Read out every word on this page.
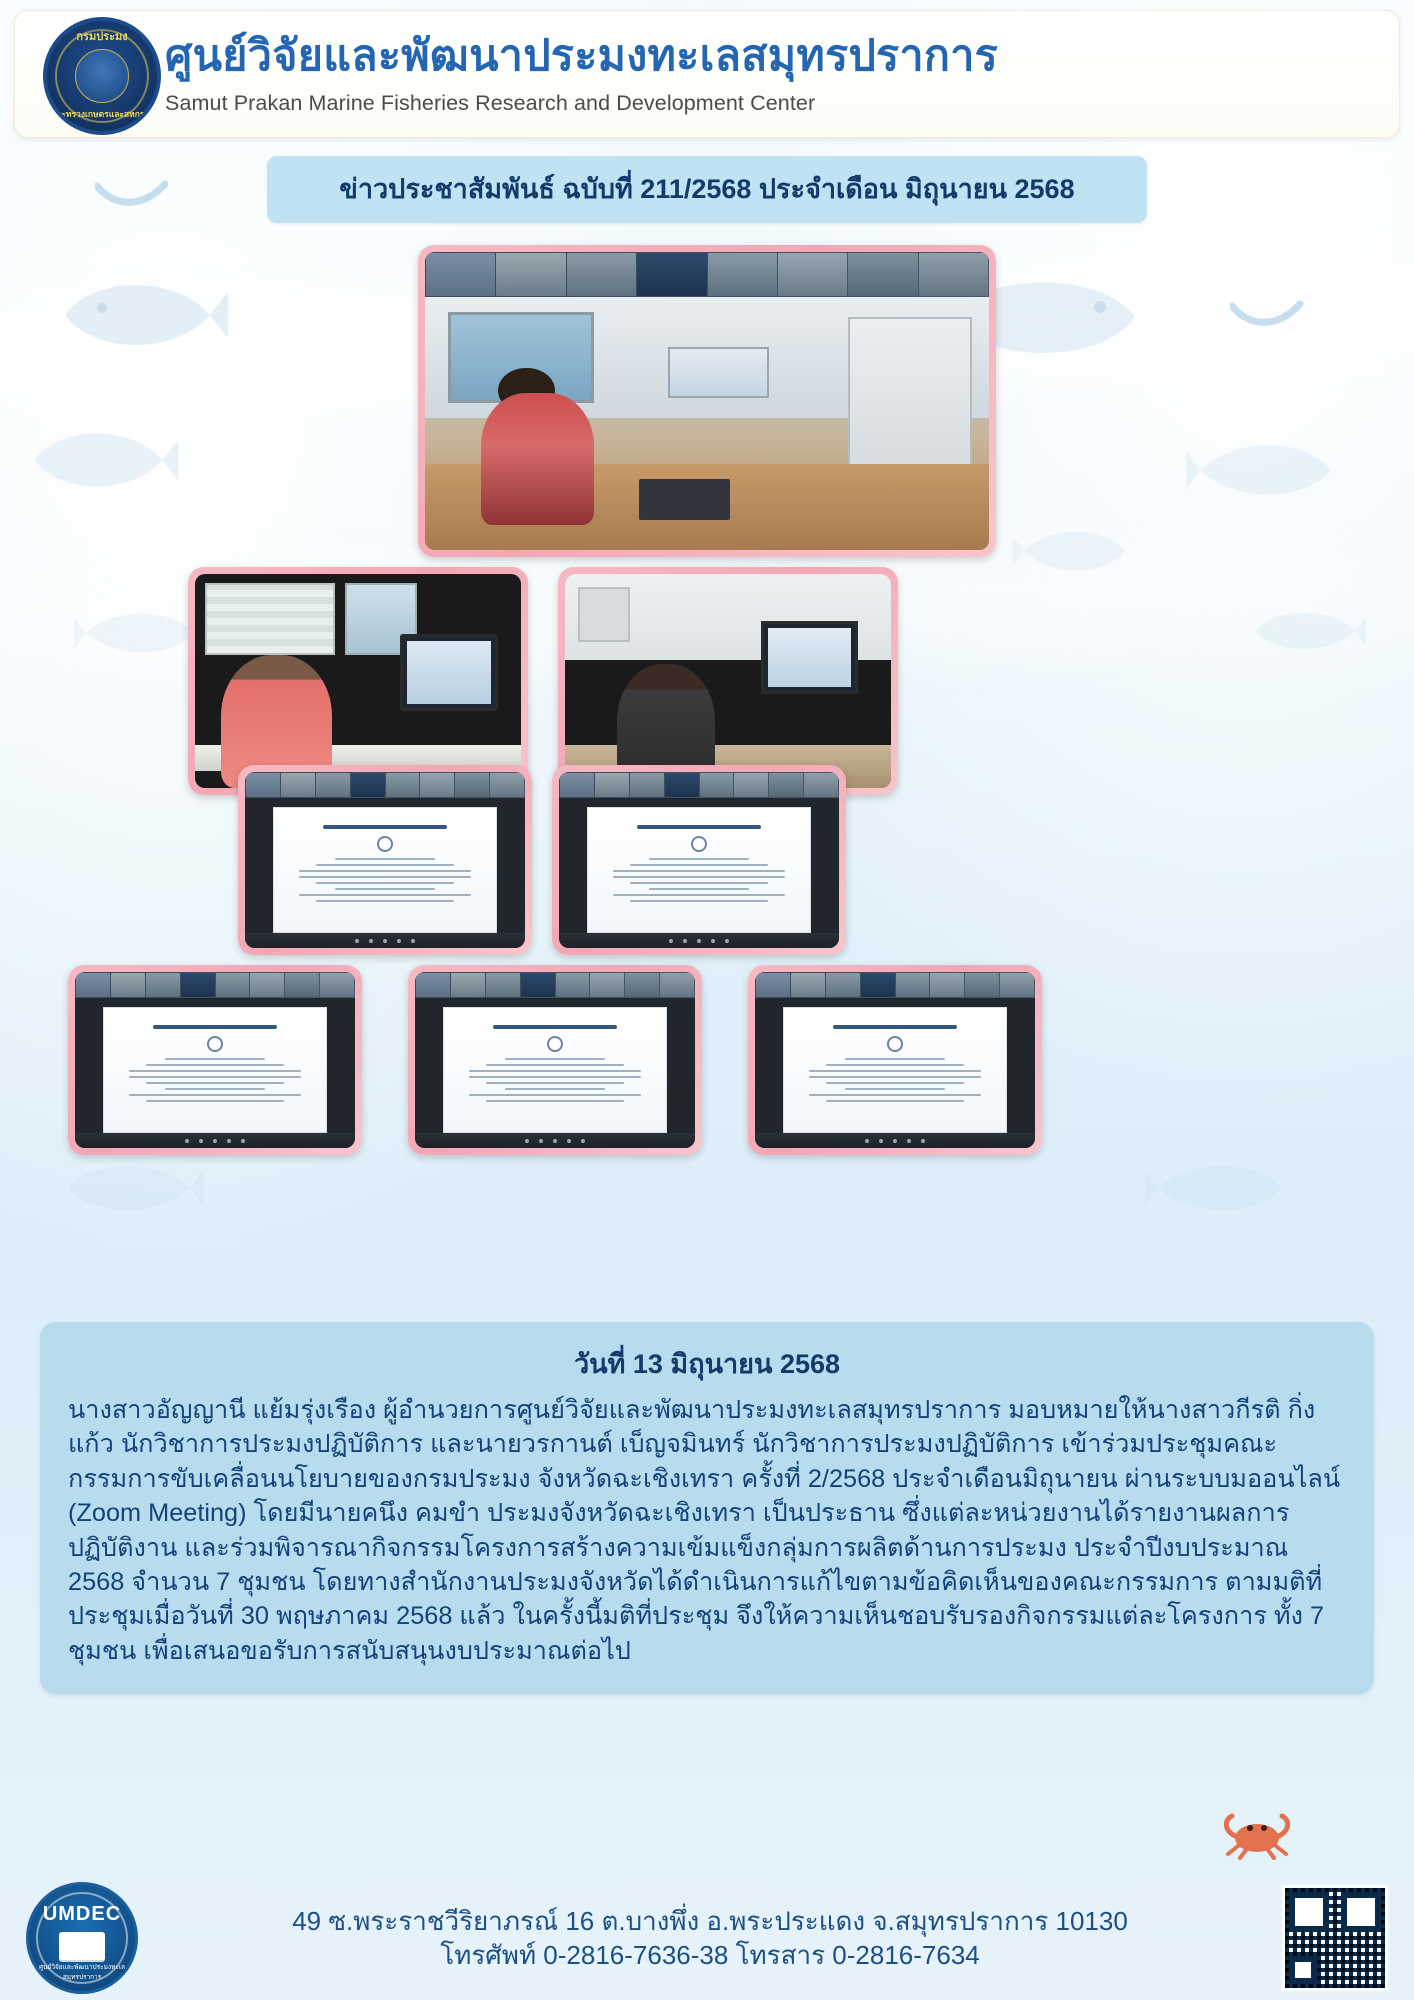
กรมประมง
กระทรวงเกษตรและสหกรณ์
ศูนย์วิจัยและพัฒนาประมงทะเลสมุทรปราการ
Samut Prakan Marine Fisheries Research and Development Center
ข่าวประชาสัมพันธ์ ฉบับที่ 211/2568 ประจำเดือน มิถุนายน 2568
วันที่ 13 มิถุนายน 2568
นางสาวอัญญานี แย้มรุ่งเรือง ผู้อำนวยการศูนย์วิจัยและพัฒนาประมงทะเลสมุทรปราการ มอบหมายให้นางสาวกีรติ กิ่งแก้ว นักวิชาการประมงปฏิบัติการ และนายวรกานต์ เบ็ญจมินทร์ นักวิชาการประมงปฏิบัติการ เข้าร่วมประชุมคณะกรรมการขับเคลื่อนนโยบายของกรมประมง จังหวัดฉะเชิงเทรา ครั้งที่ 2/2568 ประจำเดือนมิถุนายน ผ่านระบบมออนไลน์ (Zoom Meeting) โดยมีนายคนึง คมขำ ประมงจังหวัดฉะเชิงเทรา เป็นประธาน ซึ่งแต่ละหน่วยงานได้รายงานผลการปฏิบัติงาน และร่วมพิจารณากิจกรรมโครงการสร้างความเข้มแข็งกลุ่มการผลิตด้านการประมง ประจำปีงบประมาณ 2568 จำนวน 7 ชุมชน โดยทางสำนักงานประมงจังหวัดได้ดำเนินการแก้ไขตามข้อคิดเห็นของคณะกรรมการ ตามมติที่ประชุมเมื่อวันที่ 30 พฤษภาคม 2568 แล้ว ในครั้งนี้มติที่ประชุม จึงให้ความเห็นชอบรับรองกิจกรรมแต่ละโครงการ ทั้ง 7 ชุมชน เพื่อเสนอขอรับการสนับสนุนงบประมาณต่อไป
UMDEC
ศูนย์วิจัยและพัฒนาประมงทะเลสมุทรปราการ
49 ซ.พระราชวีริยาภรณ์ 16 ต.บางพึ่ง อ.พระประแดง จ.สมุทรปราการ 10130
โทรศัพท์ 0-2816-7636-38 โทรสาร 0-2816-7634
